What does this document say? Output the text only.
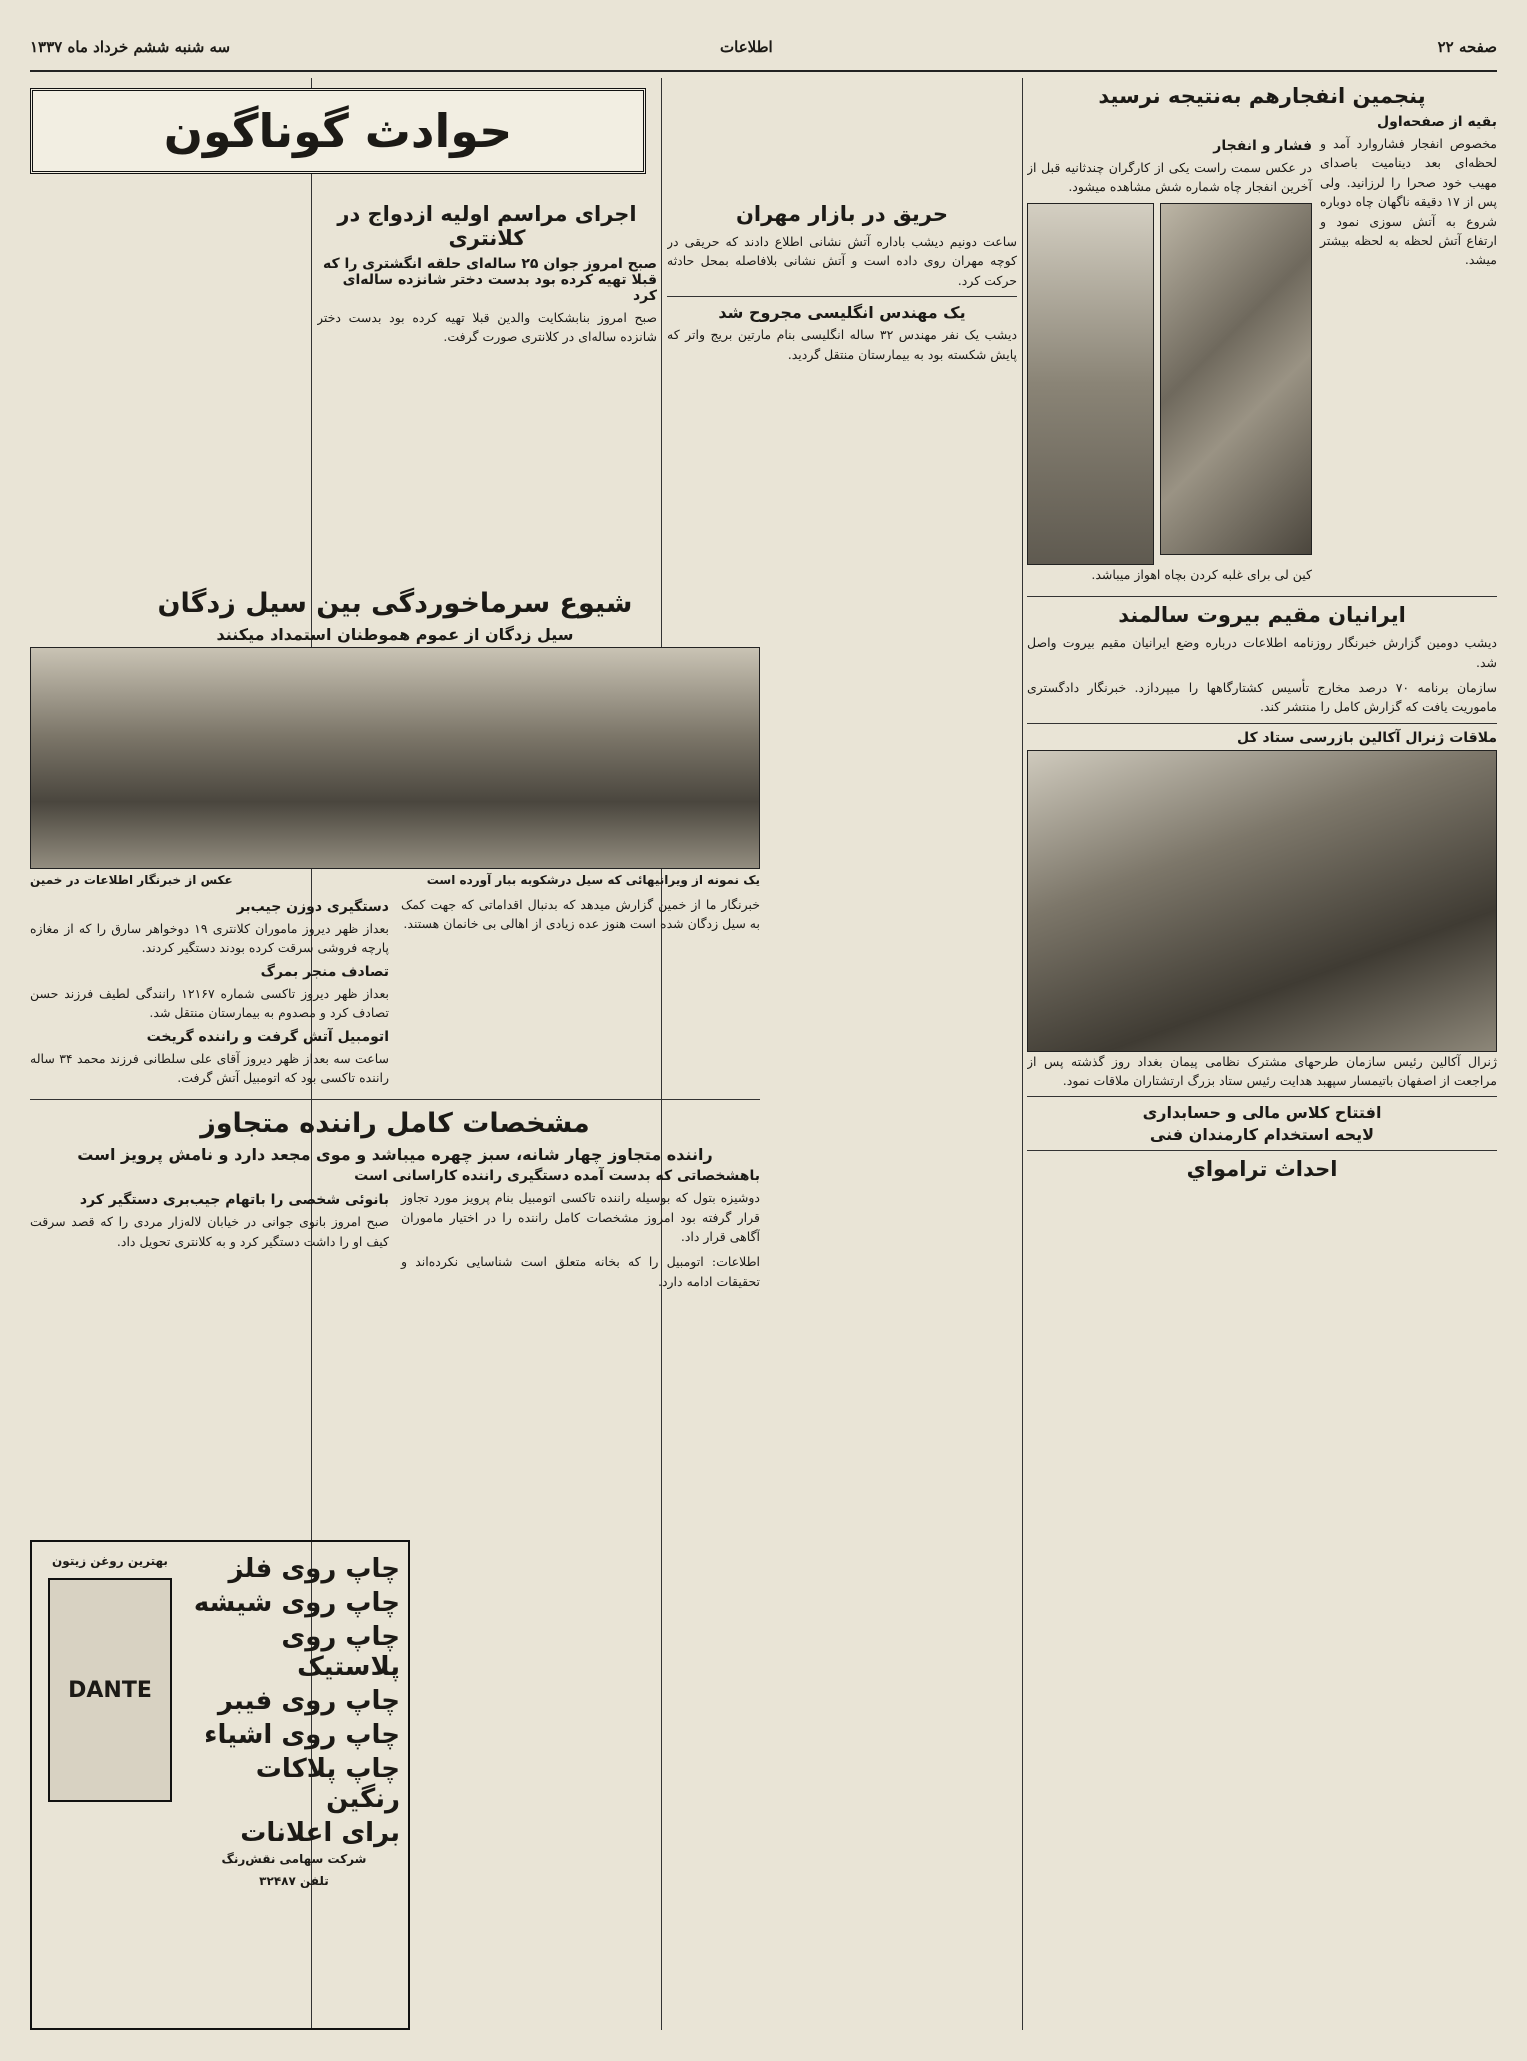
صفحه ۲۲
اطلاعات
سه شنبه ششم خرداد ماه ۱۳۳۷
پنجمین انفجارهم به‌نتیجه نرسید
بقیه از صفحه‌اول

مخصوص انفجار فشاروارد آمد و لحظه‌ای بعد دینامیت باصدای مهیب خود صحرا را لرزانید. ولی پس از ۱۷ دقیقه ناگهان چاه دوباره شروع به آتش سوزی نمود و ارتفاع آتش لحظه به لحظه بیشتر میشد.

فشار و انفجار

در عکس سمت راست یکی از کارگران چندثانیه قبل از آخرین انفجار چاه شماره شش مشاهده میشود.

کین لی برای غلبه کردن بچاه اهواز میباشد.

ایرانیان مقیم بیروت سالمند

دیشب دومین گزارش خبرنگار روزنامه اطلاعات درباره وضع ایرانیان مقیم بیروت واصل شد.

سازمان برنامه ۷۰ درصد مخارج تأسیس کشتارگاهها را میپردازد. خبرنگار دادگستری ماموریت یافت که گزارش کامل را منتشر کند.

ملاقات ژنرال آکالین بازرسی ستاد کل

ژنرال آکالین رئیس سازمان طرحهای مشترک نظامی پیمان بغداد روز گذشته پس از مراجعت از اصفهان باتیمسار سپهبد هدایت رئیس ستاد بزرگ ارتشتاران ملاقات نمود.

افتتاح کلاس مالی و حسابداری
لایحه استخدام کارمندان فنی
احداث ترامواي
حریق در بازار مهران

ساعت دونیم دیشب باداره آتش نشانی اطلاع دادند که حریقی در کوچه مهران روی داده است و آتش نشانی بلافاصله بمحل حادثه حرکت کرد.

یک مهندس انگلیسی مجروح شد

دیشب یک نفر مهندس ۳۲ ساله انگلیسی بنام مارتین بریج واتر که پایش شکسته بود به بیمارستان منتقل گردید.

اجرای مراسم اولیه ازدواج در کلانتری
صبح امروز جوان ۲۵ ساله‌ای حلقه انگشتری را که قبلا تهیه کرده بود بدست دختر شانزده ساله‌ای کرد

صبح امروز بنابشکایت والدین قبلا تهیه کرده بود بدست دختر شانزده ساله‌ای در کلانتری صورت گرفت.

حوادث گوناگون
شیوع سرماخوردگی بین سیل زدگان
سیل زدگان از عموم هموطنان استمداد میکنند
یک نمونه از ویرانیهائی که سیل درشکوبه ببار آورده است
عکس از خبرنگار اطلاعات در خمین

خبرنگار ما از خمین گزارش میدهد که بدنبال اقداماتی که جهت کمک به سیل زدگان شده است هنوز عده زیادی از اهالی بی خانمان هستند.

دستگیری دوزن جیب‌بر

بعداز ظهر دیروز ماموران کلانتری ۱۹ دوخواهر سارق را که از مغازه پارچه فروشی سرقت کرده بودند دستگیر کردند.

تصادف منجر بمرگ

بعداز ظهر دیروز تاکسی شماره ۱۲۱۶۷ رانندگی لطیف فرزند حسن تصادف کرد و مصدوم به بیمارستان منتقل شد.

اتومبیل آتش گرفت و راننده گریخت

ساعت سه بعداز ظهر دیروز آقای علی سلطانی فرزند محمد ۳۴ ساله راننده تاکسی بود که اتومبیل آتش گرفت.

مشخصات کامل راننده متجاوز
راننده متجاوز چهار شانه، سبز چهره میباشد و موی مجعد دارد و نامش پرویز است
باهشخصاتی که بدست آمده دستگیری راننده کاراسانی است

دوشیزه بتول که بوسیله راننده تاکسی اتومبیل بنام پرویز مورد تجاوز قرار گرفته بود امروز مشخصات کامل راننده را در اختیار ماموران آگاهی قرار داد.

اطلاعات: اتومبیل را که بخانه متعلق است شناسایی نکرده‌اند و تحقیقات ادامه دارد.

بانوئی شخصی را باتهام جیب‌بری دستگیر کرد

صبح امروز بانوی جوانی در خیابان لاله‌زار مردی را که قصد سرقت کیف او را داشت دستگیر کرد و به کلانتری تحویل داد.

چاپ روی فلز
چاپ روی شیشه
چاپ روی پلاستیک
چاپ روی فیبر
چاپ روی اشیاء
چاپ پلاکات رنگین
برای اعلانات
شرکت سهامی نقش‌رنگ
تلفن ۳۲۴۸۷
بهترین روغن زیتون
DANTE
